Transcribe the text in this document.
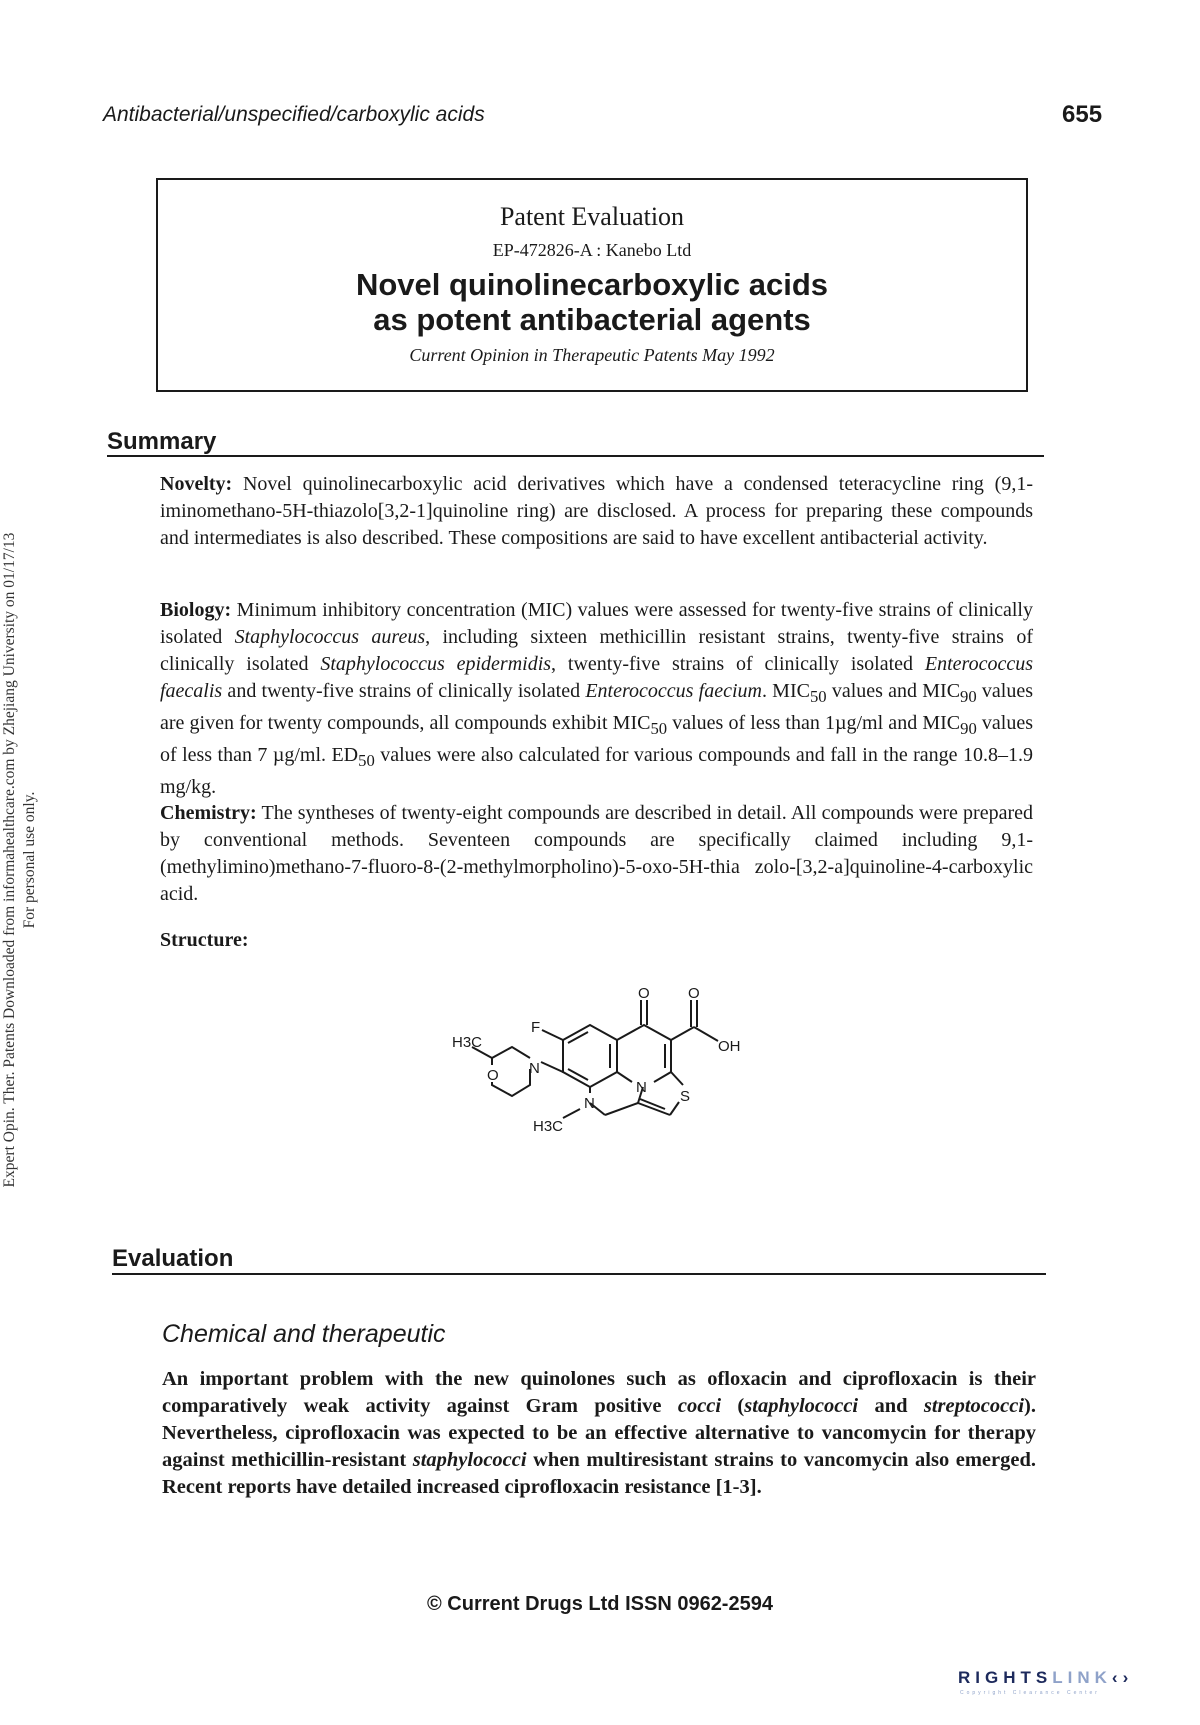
Antibacterial/unspecified/carboxylic acids	655
Patent Evaluation
EP-472826-A : Kanebo Ltd
Novel quinolinecarboxylic acids
as potent antibacterial agents
Current Opinion in Therapeutic Patents May 1992
Summary
Novelty: Novel quinolinecarboxylic acid derivatives which have a condensed teteracycline ring (9,1-iminomethano-5H-thiazolo[3,2-1]quinoline ring) are disclosed. A process for preparing these compounds and intermediates is also described. These compositions are said to have excellent antibacterial activity.
Biology: Minimum inhibitory concentration (MIC) values were assessed for twenty-five strains of clinically isolated Staphylococcus aureus, including sixteen methicillin resistant strains, twenty-five strains of clinically isolated Staphylococcus epidermidis, twenty-five strains of clinically isolated Enterococcus faecalis and twenty-five strains of clinically isolated Enterococcus faecium. $MIC_{50}$ values and $MIC_{90}$ values are given for twenty compounds, all compounds exhibit $MIC_{50}$ values of less than 1µg/ml and $MIC_{90}$ values of less than 7 µg/ml. $ED_{50}$ values were also calculated for various compounds and fall in the range 10.8–1.9 mg/kg.
Chemistry: The syntheses of twenty-eight compounds are described in detail. All compounds were prepared by conventional methods. Seventeen compounds are specifically claimed including 9,1-(methylimino)methano-7-fluoro-8-(2-methylmorpholino)-5-oxo-5H-thia zolo-[3,2-a]quinoline-4-carboxylic acid.
Structure:
O	O
OH
F
H3C
N
O
N
S
N
H3C
Evaluation
Chemical and therapeutic
An important problem with the new quinolones such as ofloxacin and ciprofloxacin is their comparatively weak activity against Gram positive cocci (staphylococci and streptococci). Nevertheless, ciprofloxacin was expected to be an effective alternative to vancomycin for therapy against methicillin-resistant staphylococci when multiresistant strains to vancomycin also emerged. Recent reports have detailed increased ciprofloxacin resistance [1-3].
Expert Opin. Ther. Patents Downloaded from informahealthcare.com by Zhejiang University on 01/17/13 For personal use only.
© Current Drugs Ltd ISSN 0962-2594
RIGHTSLINK‹›
Copyright Clearance Center
